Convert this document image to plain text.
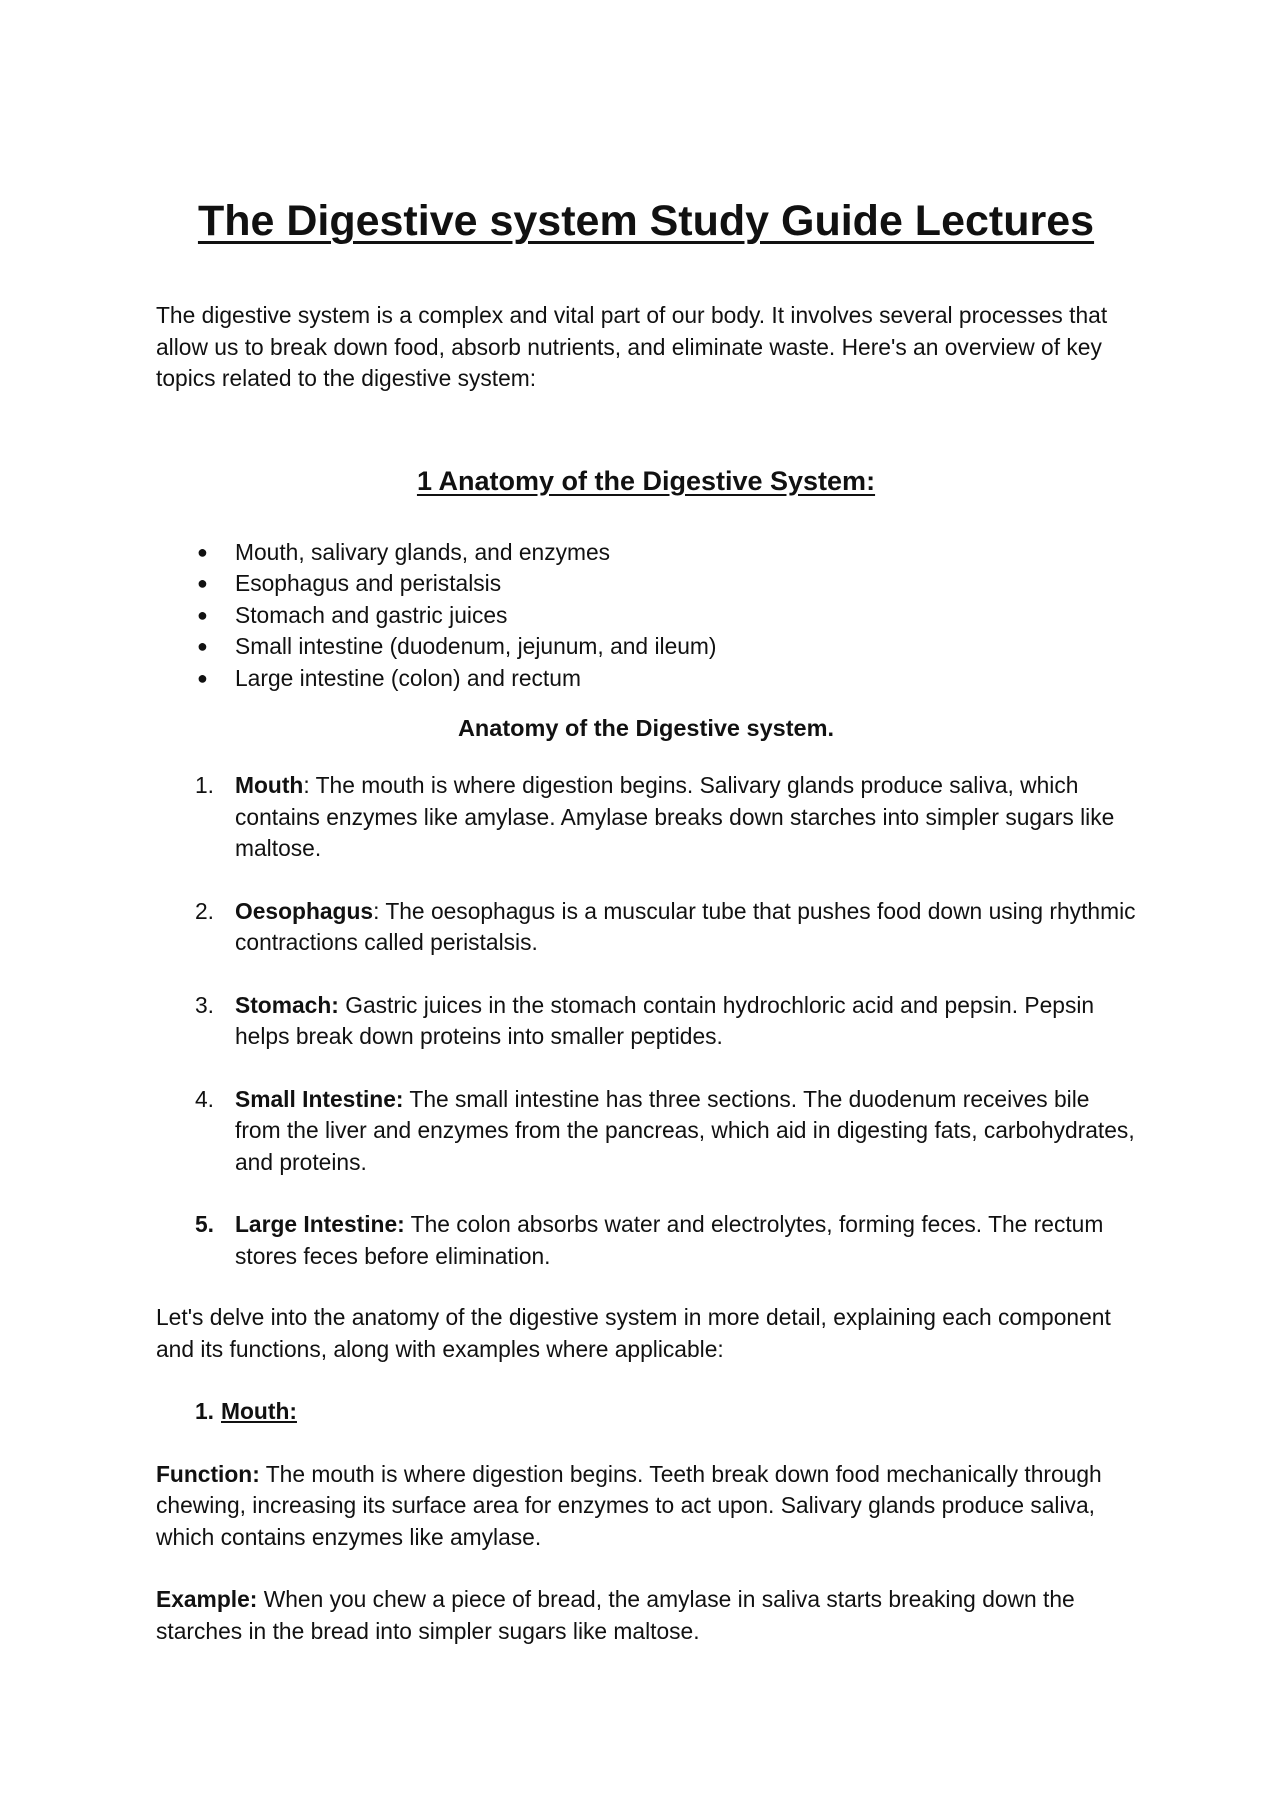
The Digestive system Study Guide Lectures

The digestive system is a complex and vital part of our body. It involves several processes that allow us to break down food, absorb nutrients, and eliminate waste. Here's an overview of key topics related to the digestive system:

1 Anatomy of the Digestive System:
● Mouth, salivary glands, and enzymes
● Esophagus and peristalsis
● Stomach and gastric juices
● Small intestine (duodenum, jejunum, and ileum)
● Large intestine (colon) and rectum
Anatomy of the Digestive system.
1. Mouth: The mouth is where digestion begins. Salivary glands produce saliva, which contains enzymes like amylase. Amylase breaks down starches into simpler sugars like maltose.
2. Oesophagus: The oesophagus is a muscular tube that pushes food down using rhythmic contractions called peristalsis.
3. Stomach: Gastric juices in the stomach contain hydrochloric acid and pepsin. Pepsin helps break down proteins into smaller peptides.
4. Small Intestine: The small intestine has three sections. The duodenum receives bile from the liver and enzymes from the pancreas, which aid in digesting fats, carbohydrates, and proteins.
5. Large Intestine: The colon absorbs water and electrolytes, forming feces. The rectum stores feces before elimination.

Let's delve into the anatomy of the digestive system in more detail, explaining each component and its functions, along with examples where applicable:

1. Mouth:

Function: The mouth is where digestion begins. Teeth break down food mechanically through chewing, increasing its surface area for enzymes to act upon. Salivary glands produce saliva, which contains enzymes like amylase.

Example: When you chew a piece of bread, the amylase in saliva starts breaking down the starches in the bread into simpler sugars like maltose.
